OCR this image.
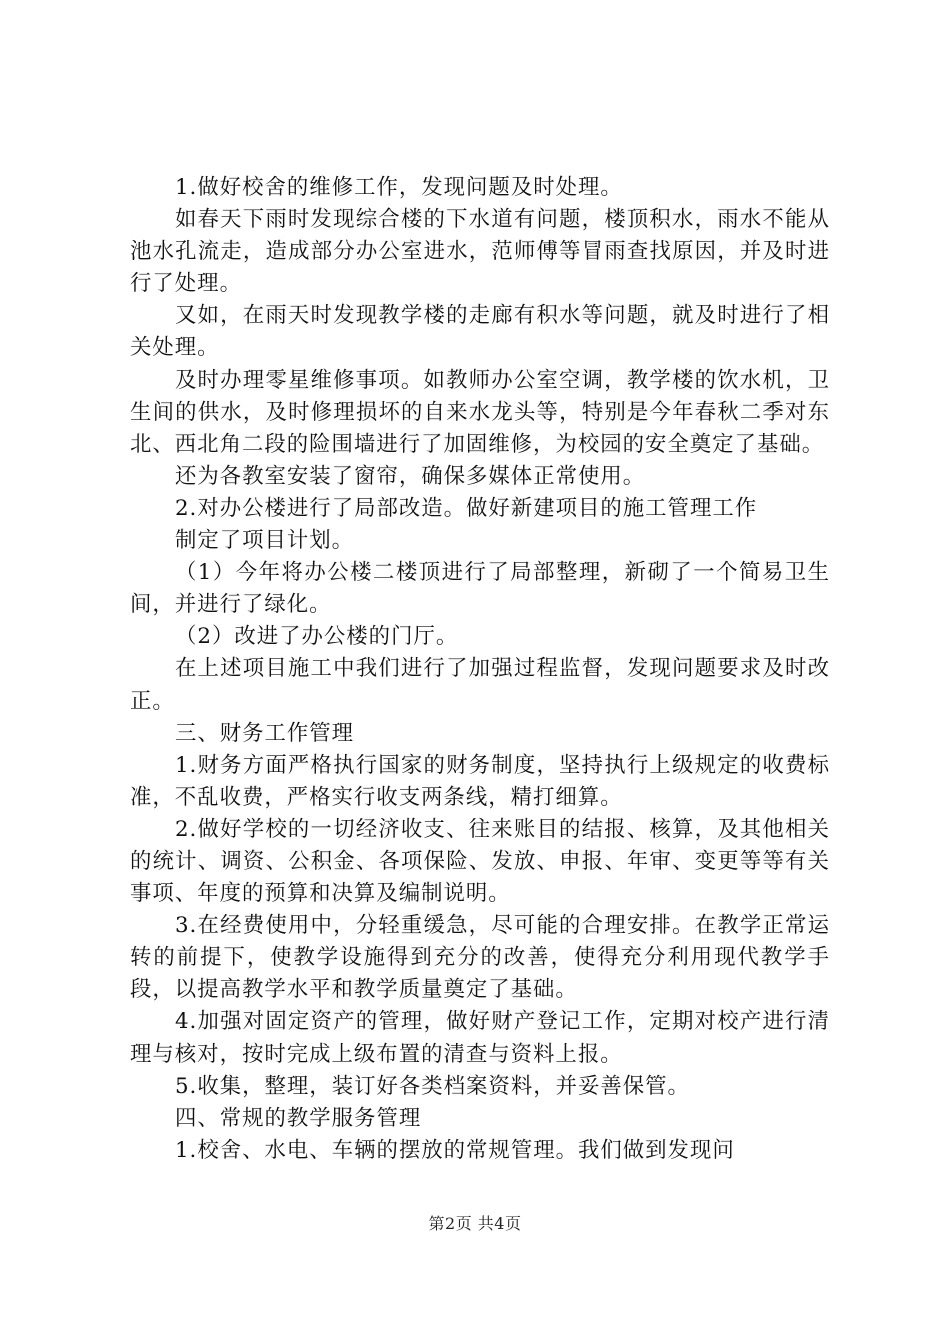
1.做好校舍的维修工作，发现问题及时处理。

如春天下雨时发现综合楼的下水道有问题，楼顶积水，雨水不能从池水孔流走，造成部分办公室进水，范师傅等冒雨查找原因，并及时进行了处理。

又如，在雨天时发现教学楼的走廊有积水等问题，就及时进行了相关处理。

及时办理零星维修事项。如教师办公室空调，教学楼的饮水机，卫生间的供水，及时修理损坏的自来水龙头等，特别是今年春秋二季对东北、西北角二段的险围墙进行了加固维修，为校园的安全奠定了基础。

还为各教室安装了窗帘，确保多媒体正常使用。

2.对办公楼进行了局部改造。做好新建项目的施工管理工作

制定了项目计划。

（1）今年将办公楼二楼顶进行了局部整理，新砌了一个简易卫生间，并进行了绿化。

（2）改进了办公楼的门厅。

在上述项目施工中我们进行了加强过程监督，发现问题要求及时改正。

三、财务工作管理

1.财务方面严格执行国家的财务制度，坚持执行上级规定的收费标准，不乱收费，严格实行收支两条线，精打细算。

2.做好学校的一切经济收支、往来账目的结报、核算，及其他相关的统计、调资、公积金、各项保险、发放、申报、年审、变更等等有关事项、年度的预算和决算及编制说明。

3.在经费使用中，分轻重缓急，尽可能的合理安排。在教学正常运转的前提下，使教学设施得到充分的改善，使得充分利用现代教学手段，以提高教学水平和教学质量奠定了基础。

4.加强对固定资产的管理，做好财产登记工作，定期对校产进行清理与核对，按时完成上级布置的清查与资料上报。

5.收集，整理，装订好各类档案资料，并妥善保管。

四、常规的教学服务管理

1.校舍、水电、车辆的摆放的常规管理。我们做到发现问

第2页 共4页
